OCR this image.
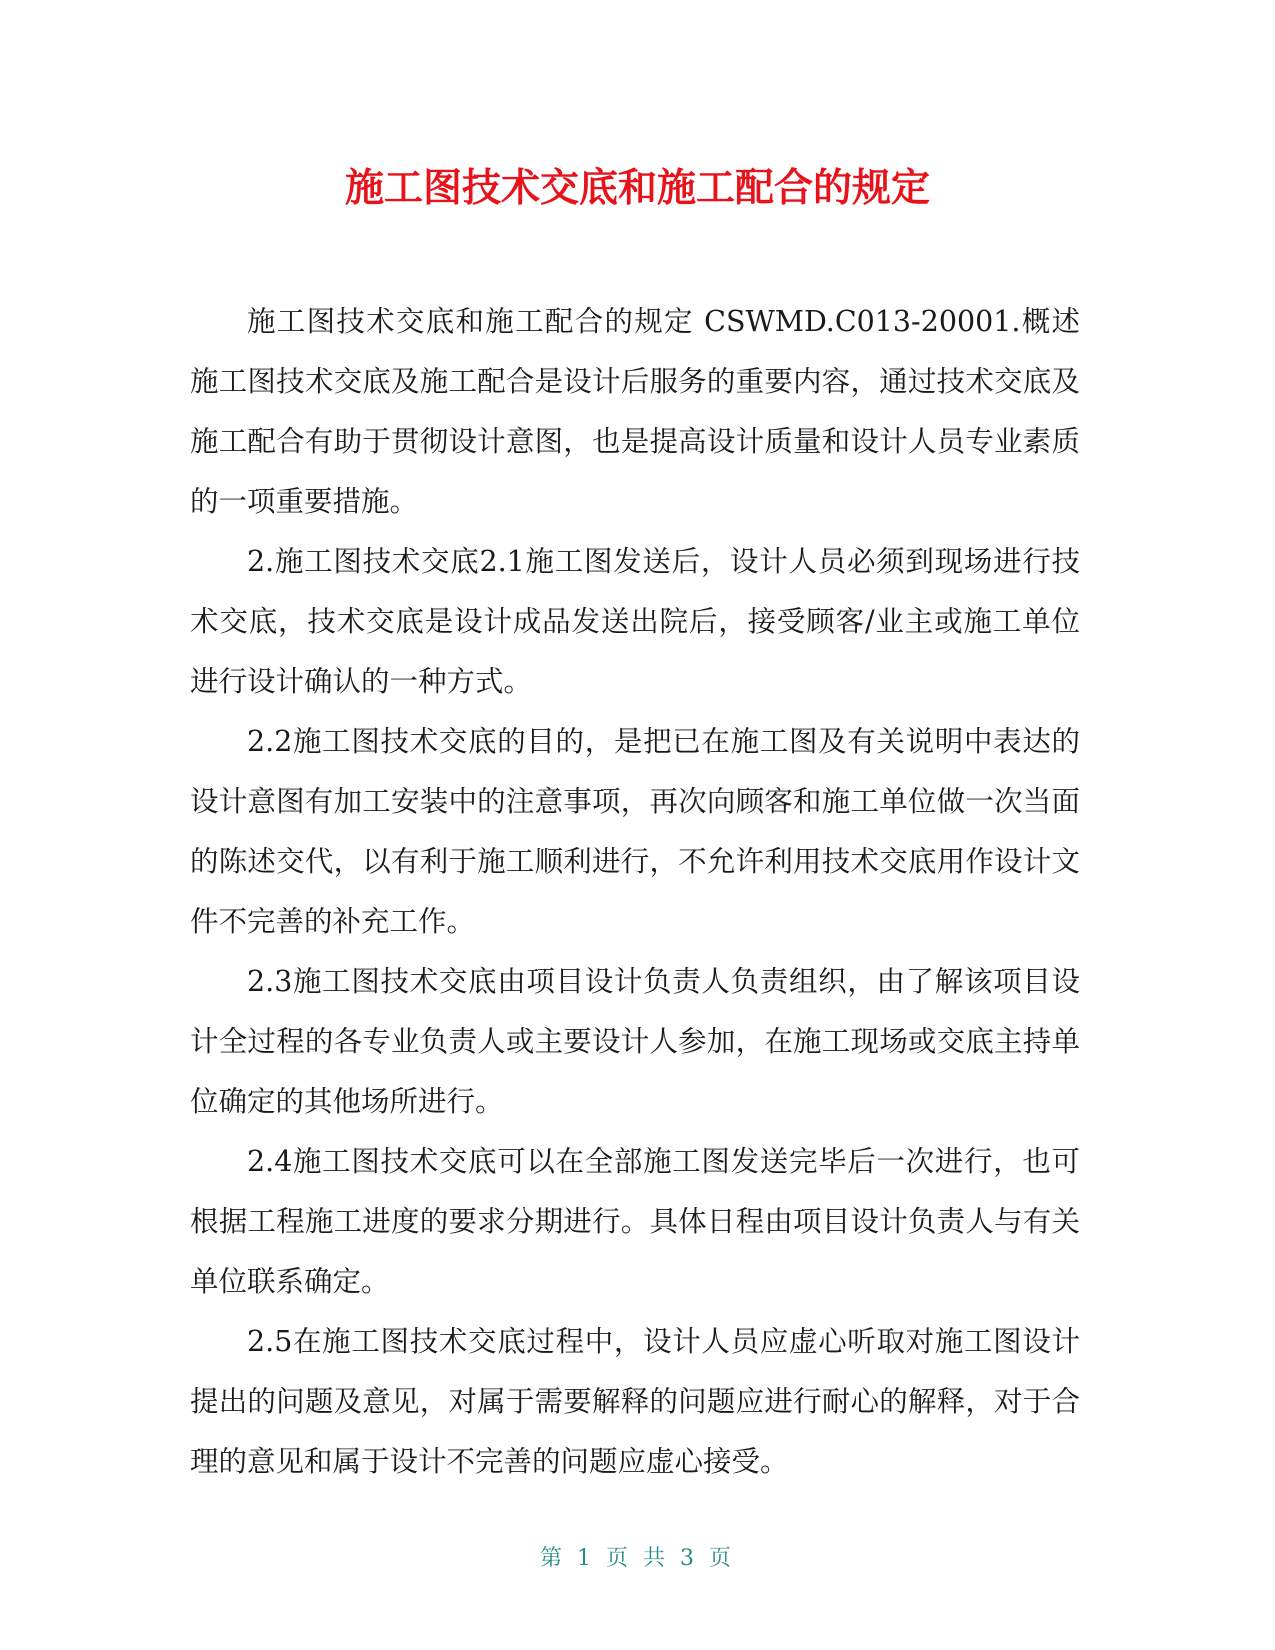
施工图技术交底和施工配合的规定

施工图技术交底和施工配合的规定 CSWMD.C013-20001.概述施工图技术交底及施工配合是设计后服务的重要内容，通过技术交底及施工配合有助于贯彻设计意图，也是提高设计质量和设计人员专业素质的一项重要措施。

2.施工图技术交底2.1施工图发送后，设计人员必须到现场进行技术交底，技术交底是设计成品发送出院后，接受顾客/业主或施工单位进行设计确认的一种方式。

2.2施工图技术交底的目的，是把已在施工图及有关说明中表达的设计意图有加工安装中的注意事项，再次向顾客和施工单位做一次当面的陈述交代，以有利于施工顺利进行，不允许利用技术交底用作设计文件不完善的补充工作。

2.3施工图技术交底由项目设计负责人负责组织，由了解该项目设计全过程的各专业负责人或主要设计人参加，在施工现场或交底主持单位确定的其他场所进行。

2.4施工图技术交底可以在全部施工图发送完毕后一次进行，也可根据工程施工进度的要求分期进行。具体日程由项目设计负责人与有关单位联系确定。

2.5在施工图技术交底过程中，设计人员应虚心听取对施工图设计提出的问题及意见，对属于需要解释的问题应进行耐心的解释，对于合理的意见和属于设计不完善的问题应虚心接受。

第 1 页 共 3 页
